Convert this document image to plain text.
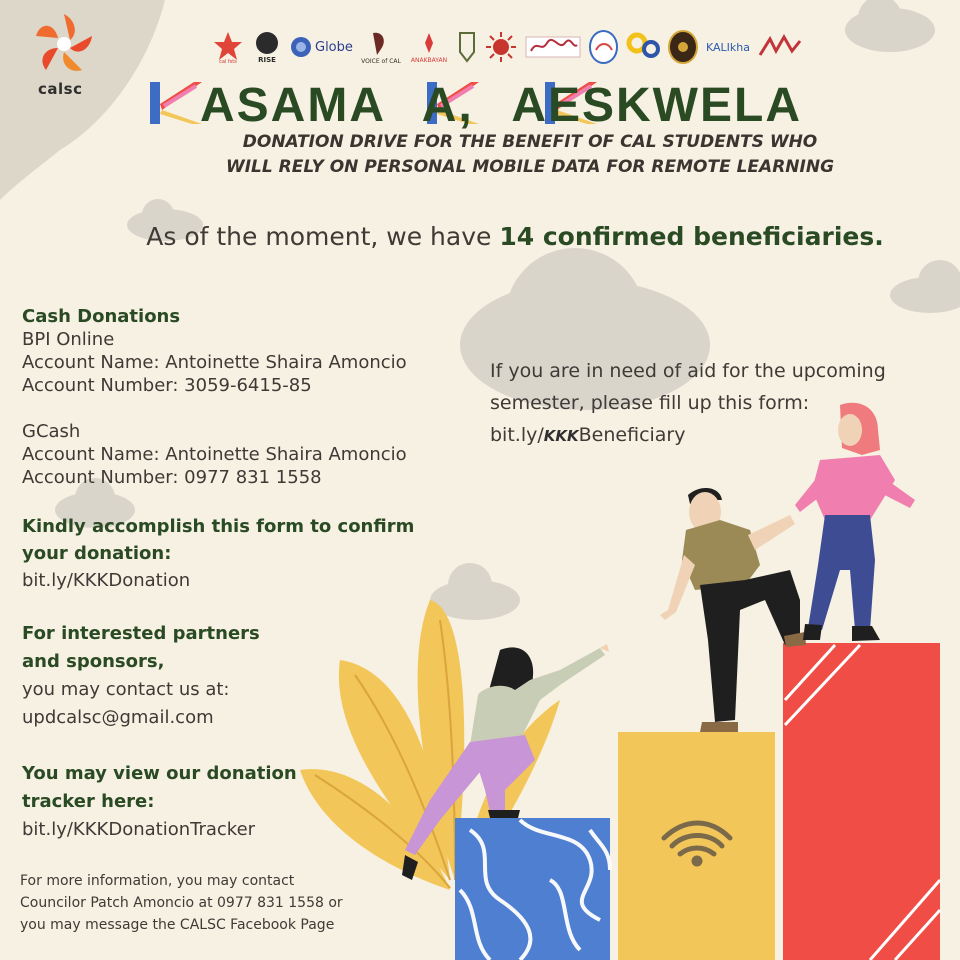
calsc
cal fsts	RISE
Globe
VOICE of CAL ANAKBAYAN
KALIkha
ASAMA A, AESKWELA
DONATION DRIVE FOR THE BENEFIT OF CAL STUDENTS WHO
WILL RELY ON PERSONAL MOBILE DATA FOR REMOTE LEARNING
As of the moment, we have 14 confirmed beneficiaries.
Cash Donations
BPI Online
Account Name: Antoinette Shaira Amoncio
Account Number: 3059-6415-85
GCash
Account Name: Antoinette Shaira Amoncio
Account Number: 0977 831 1558
Kindly accomplish this form to confirm
your donation:
bit.ly/KKKDonation
For interested partners
and sponsors,
you may contact us at:
updcalsc@gmail.com
You may view our donation
tracker here:
bit.ly/KKKDonationTracker
For more information, you may contact
Councilor Patch Amoncio at 0977 831 1558 or
you may message the CALSC Facebook Page
If you are in need of aid for the upcoming
semester, please fill up this form:
bit.ly/KKKBeneficiary
